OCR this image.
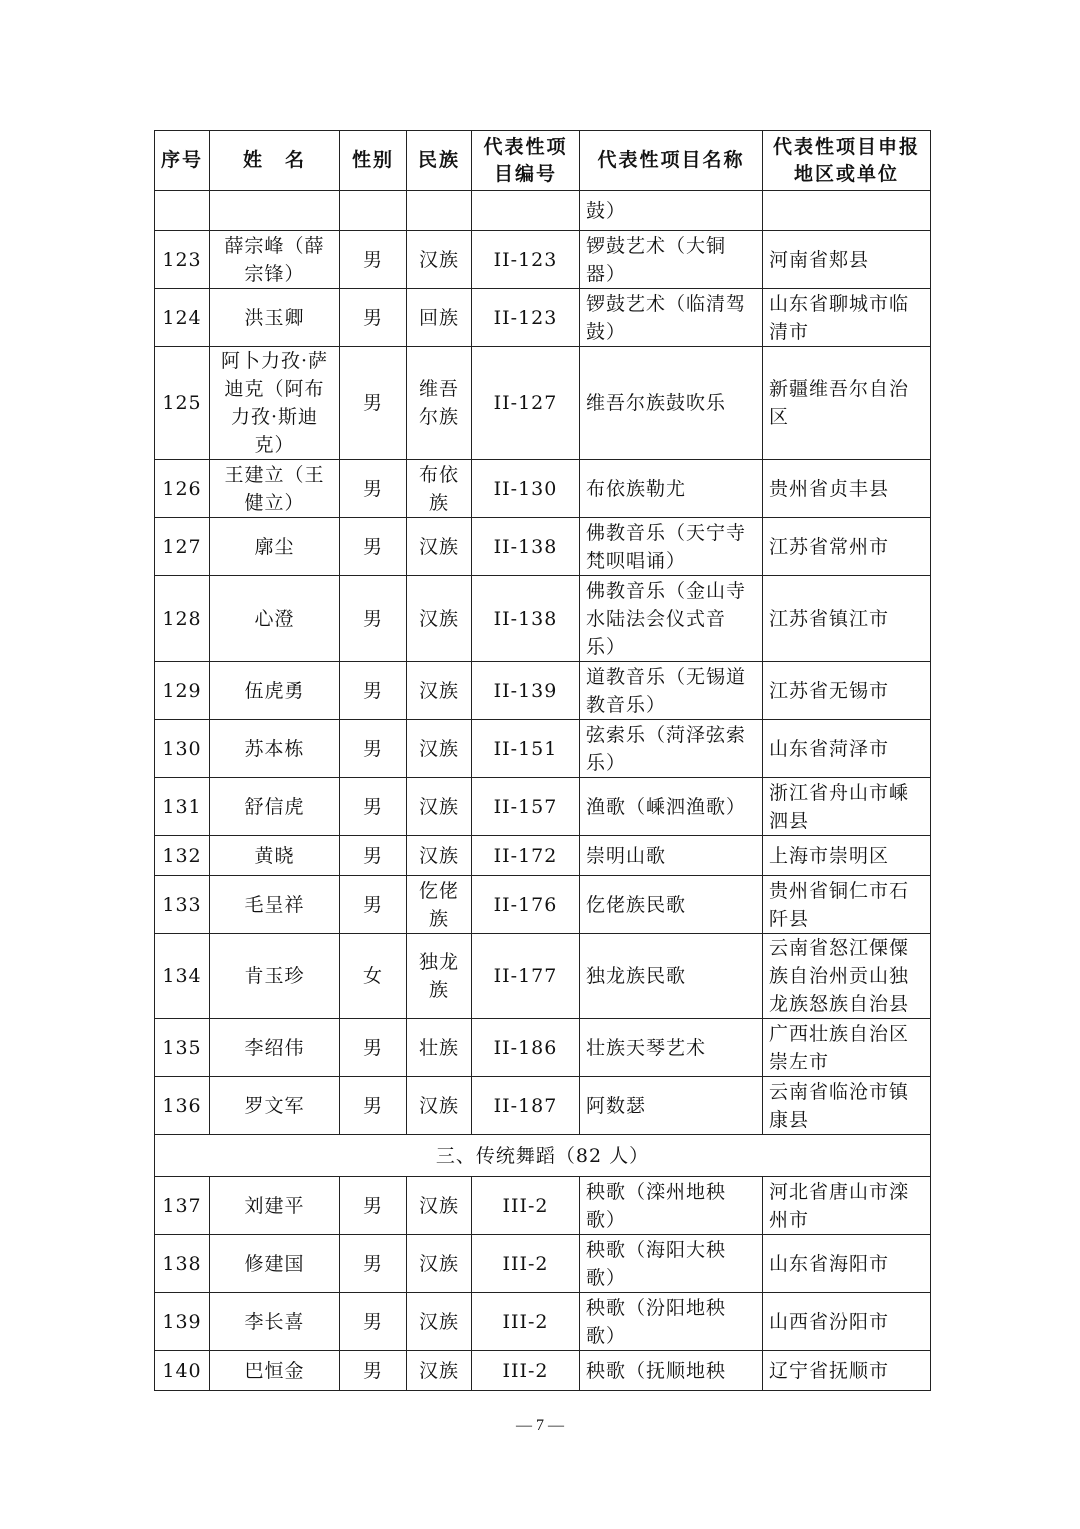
序号	姓　名	性别	民族	代表性项目编号	代表性项目名称	代表性项目申报地区或单位
					鼓）	
123	薛宗峰（薛宗锋）	男	汉族	II-123	锣鼓艺术（大铜器）	河南省郏县
124	洪玉卿	男	回族	II-123	锣鼓艺术（临清驾鼓）	山东省聊城市临清市
125	阿卜力孜·萨迪克（阿布力孜·斯迪克）	男	维吾尔族	II-127	维吾尔族鼓吹乐	新疆维吾尔自治区
126	王建立（王健立）	男	布依族	II-130	布依族勒尤	贵州省贞丰县
127	廓尘	男	汉族	II-138	佛教音乐（天宁寺梵呗唱诵）	江苏省常州市
128	心澄	男	汉族	II-138	佛教音乐（金山寺水陆法会仪式音乐）	江苏省镇江市
129	伍虎勇	男	汉族	II-139	道教音乐（无锡道教音乐）	江苏省无锡市
130	苏本栋	男	汉族	II-151	弦索乐（菏泽弦索乐）	山东省菏泽市
131	舒信虎	男	汉族	II-157	渔歌（嵊泗渔歌）	浙江省舟山市嵊泗县
132	黄晓	男	汉族	II-172	崇明山歌	上海市崇明区
133	毛呈祥	男	仡佬族	II-176	仡佬族民歌	贵州省铜仁市石阡县
134	肯玉珍	女	独龙族	II-177	独龙族民歌	云南省怒江傈僳族自治州贡山独龙族怒族自治县
135	李绍伟	男	壮族	II-186	壮族天琴艺术	广西壮族自治区崇左市
136	罗文军	男	汉族	II-187	阿数瑟	云南省临沧市镇康县
三、传统舞蹈（82 人）						
137	刘建平	男	汉族	III-2	秧歌（滦州地秧歌）	河北省唐山市滦州市
138	修建国	男	汉族	III-2	秧歌（海阳大秧歌）	山东省海阳市
139	李长喜	男	汉族	III-2	秧歌（汾阳地秧歌）	山西省汾阳市
140	巴恒金	男	汉族	III-2	秧歌（抚顺地秧	辽宁省抚顺市
— 7 —
